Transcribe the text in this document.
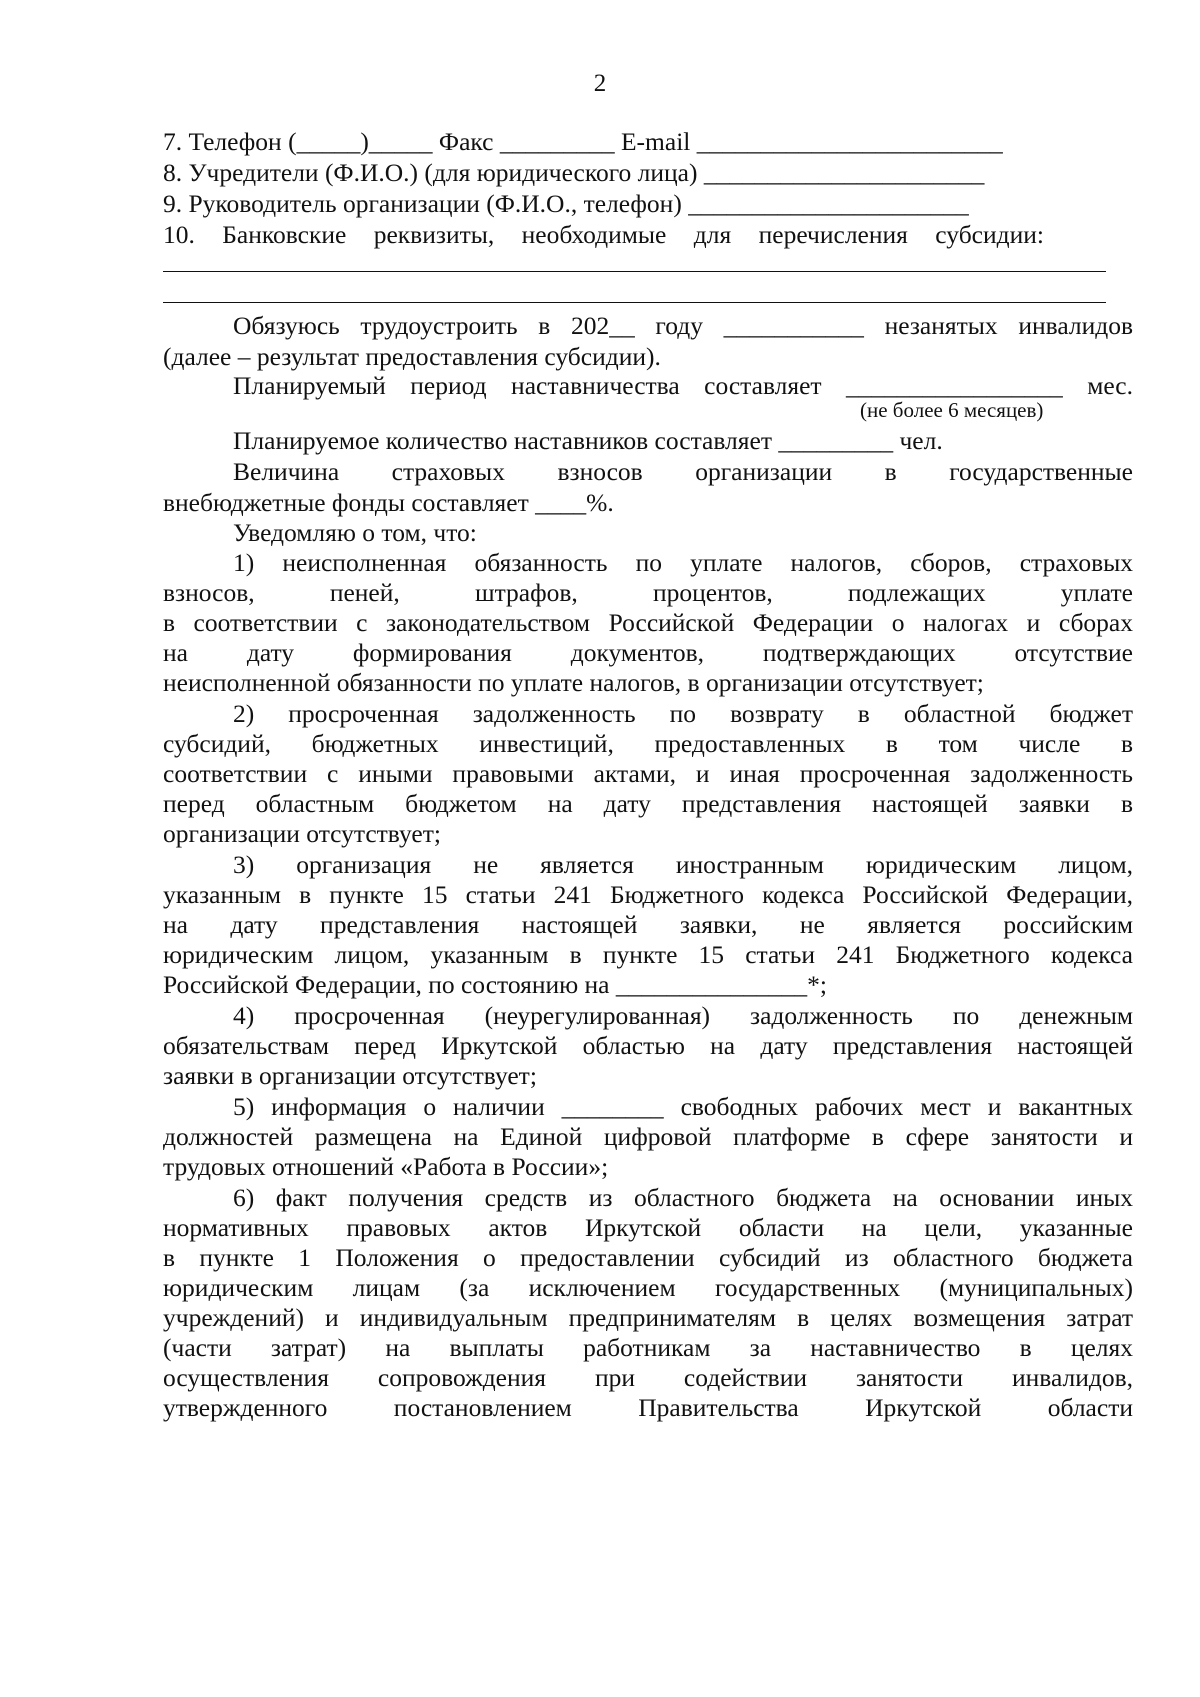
2
7. Телефон (_____)_____ Факс _________ E-mail ________________________
8. Учредители (Ф.И.О.) (для юридического лица) ______________________
9. Руководитель организации (Ф.И.О., телефон) ______________________
10. Банковские реквизиты, необходимые для перечисления субсидии:
Обязуюсь трудоустроить в 202__ году ___________ незанятых инвалидов
(далее – результат предоставления субсидии).
Планируемый период наставничества составляет _________________ мес.
(не более 6 месяцев)
Планируемое количество наставников составляет _________ чел.
Величина страховых взносов организации в государственные
внебюджетные фонды составляет ____%.
Уведомляю о том, что:
1) неисполненная обязанность по уплате налогов, сборов, страховых
взносов, пеней, штрафов, процентов, подлежащих уплате
в соответствии с законодательством Российской Федерации о налогах и сборах
на дату формирования документов, подтверждающих отсутствие
неисполненной обязанности по уплате налогов, в организации отсутствует;
2) просроченная задолженность по возврату в областной бюджет
субсидий, бюджетных инвестиций, предоставленных в том числе в
соответствии с иными правовыми актами, и иная просроченная задолженность
перед областным бюджетом на дату представления настоящей заявки в
организации отсутствует;
3) организация не является иностранным юридическим лицом,
указанным в пункте 15 статьи 241 Бюджетного кодекса Российской Федерации,
на дату представления настоящей заявки, не является российским
юридическим лицом, указанным в пункте 15 статьи 241 Бюджетного кодекса
Российской Федерации, по состоянию на _______________*;
4) просроченная (неурегулированная) задолженность по денежным
обязательствам перед Иркутской областью на дату представления настоящей
заявки в организации отсутствует;
5) информация о наличии ________ свободных рабочих мест и вакантных
должностей размещена на Единой цифровой платформе в сфере занятости и
трудовых отношений «Работа в России»;
6) факт получения средств из областного бюджета на основании иных
нормативных правовых актов Иркутской области на цели, указанные
в пункте 1 Положения о предоставлении субсидий из областного бюджета
юридическим лицам (за исключением государственных (муниципальных)
учреждений) и индивидуальным предпринимателям в целях возмещения затрат
(части затрат) на выплаты работникам за наставничество в целях
осуществления сопровождения при содействии занятости инвалидов,
утвержденного постановлением Правительства Иркутской области
